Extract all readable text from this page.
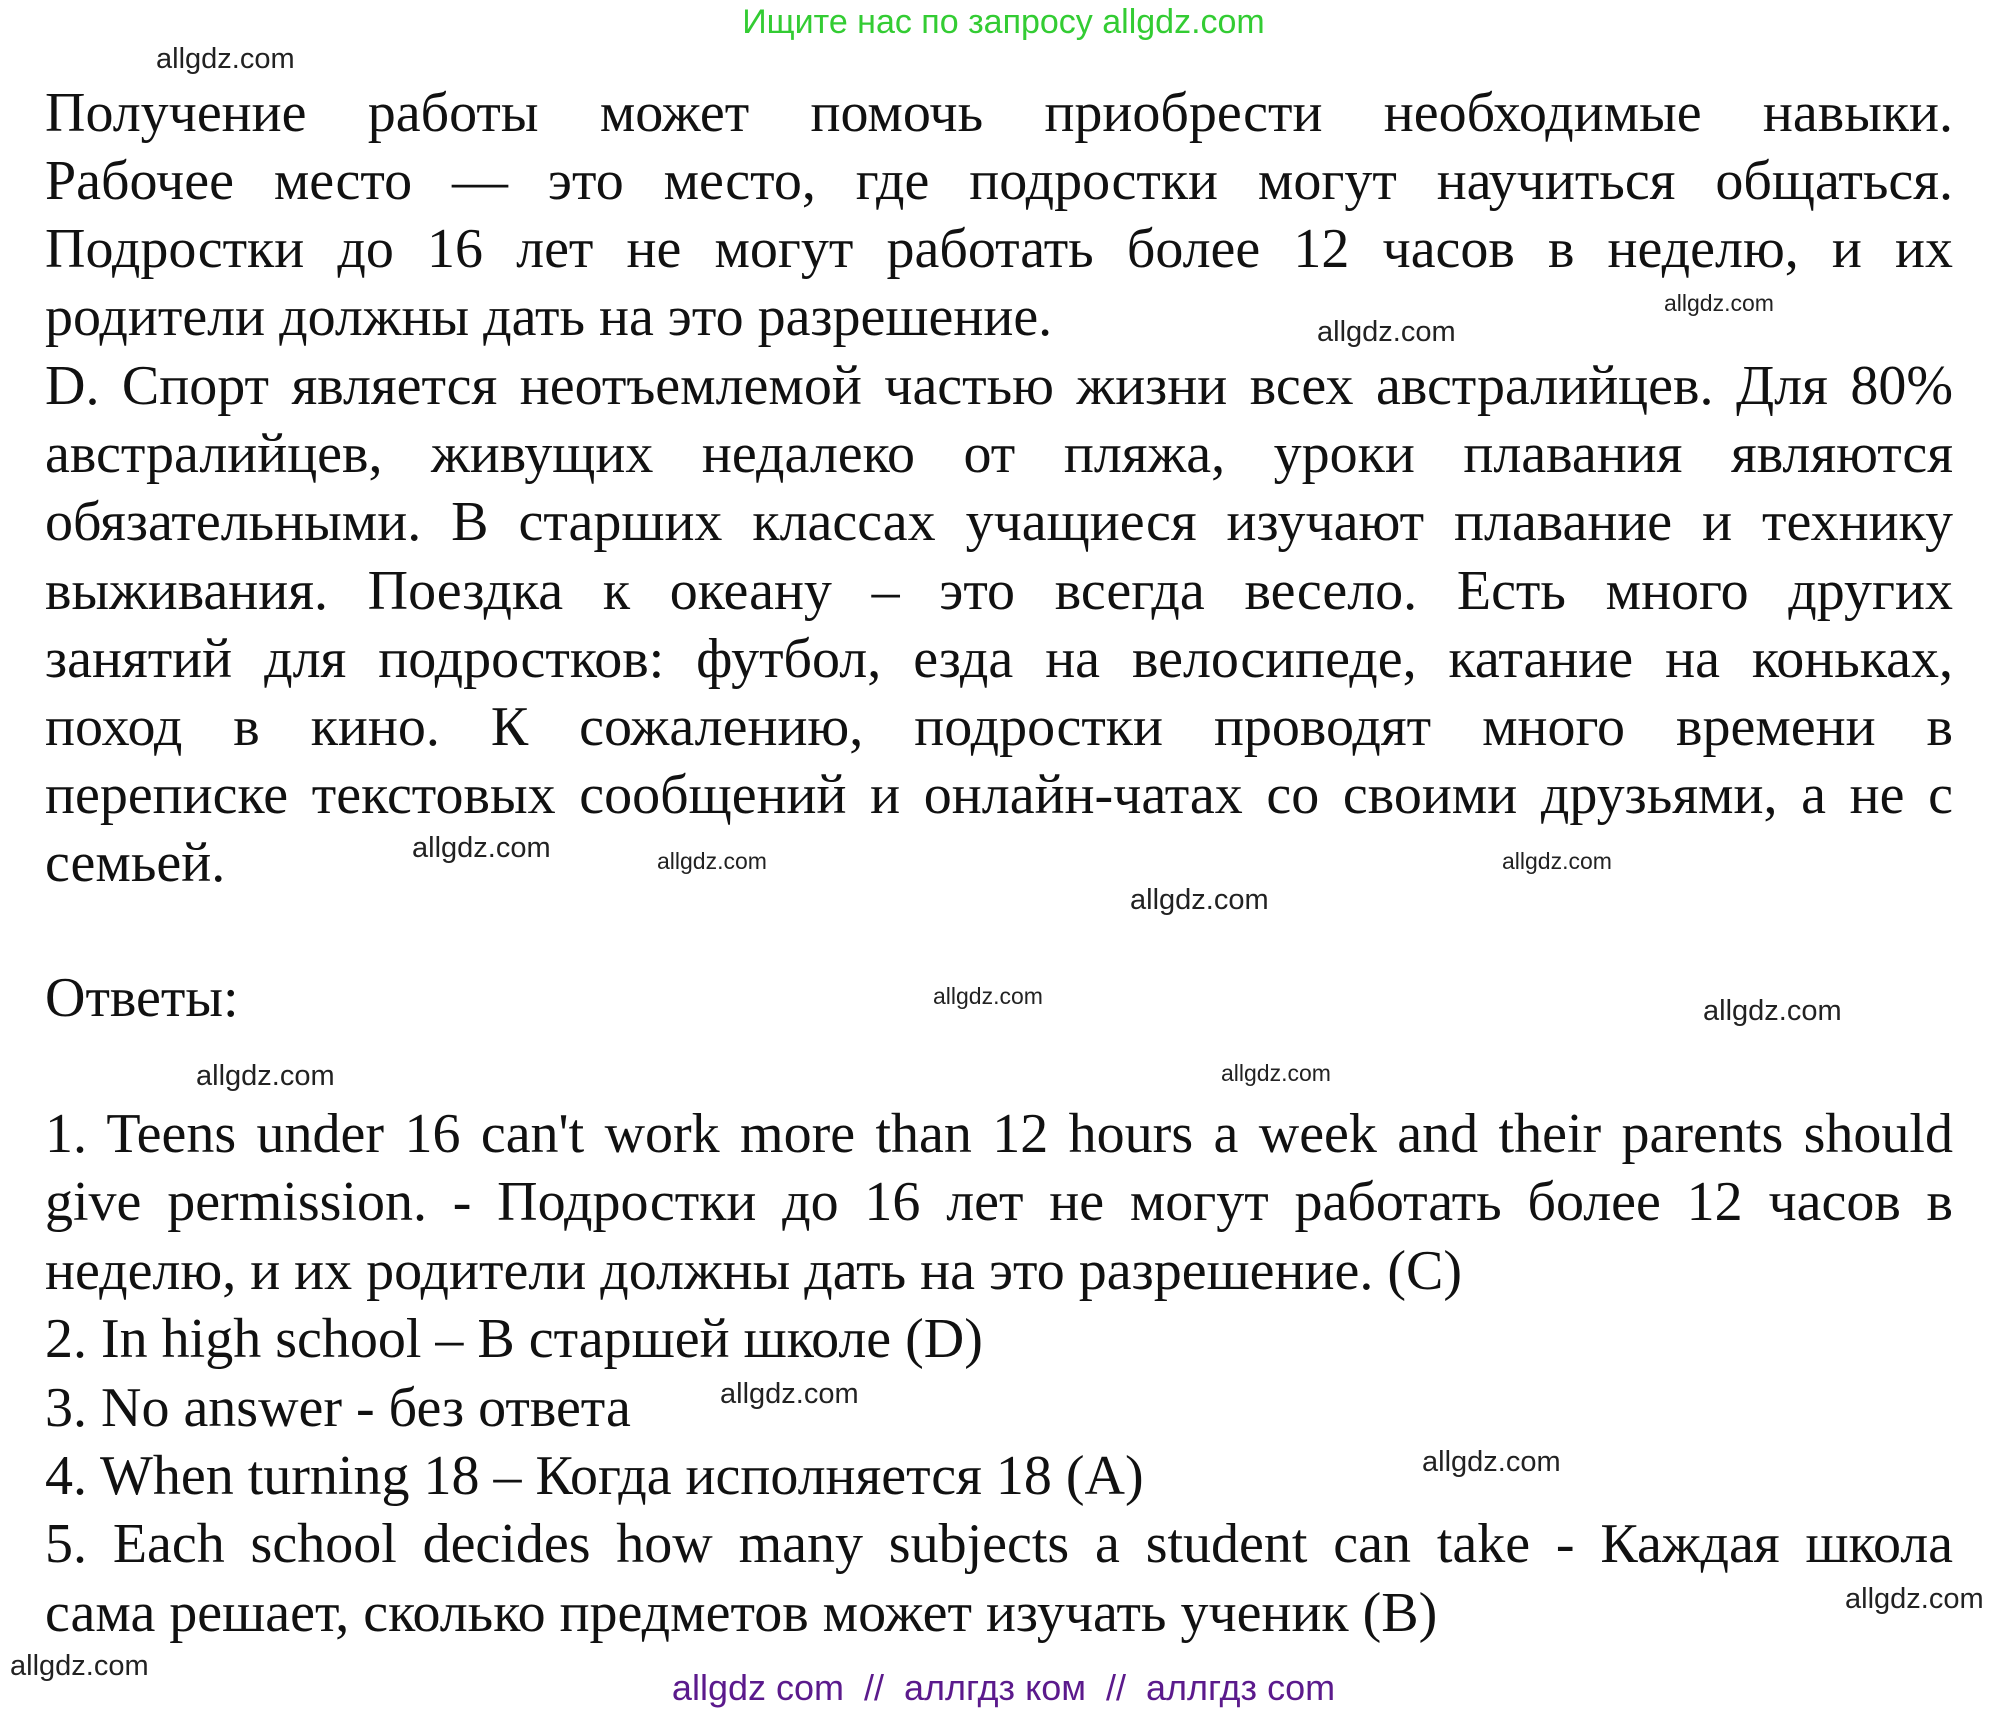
Ищите нас по запросу allgdz.com
Получение работы может помочь приобрести необходимые навыки.
Рабочее место — это место, где подростки могут научиться общаться.
Подростки до 16 лет не могут работать более 12 часов в неделю, и их
родители должны дать на это разрешение.
D. Спорт является неотъемлемой частью жизни всех австралийцев. Для 80%
австралийцев, живущих недалеко от пляжа, уроки плавания являются
обязательными. В старших классах учащиеся изучают плавание и технику
выживания. Поездка к океану – это всегда весело. Есть много других
занятий для подростков: футбол, езда на велосипеде, катание на коньках,
поход в кино. К сожалению, подростки проводят много времени в
переписке текстовых сообщений и онлайн-чатах со своими друзьями, а не с
семьей.
Ответы:
1. Teens under 16 can't work more than 12 hours a week and their parents should
give permission. - Подростки до 16 лет не могут работать более 12 часов в
неделю, и их родители должны дать на это разрешение. (C)
2. In high school – В старшей школе (D)
3. No answer - без ответа
4. When turning 18 – Когда исполняется 18 (A)
5. Each school decides how many subjects a student can take - Каждая школа
сама решает, сколько предметов может изучать ученик (B)
allgdz.com
allgdz.com
allgdz.com
allgdz.com
allgdz.com
allgdz.com
allgdz.com
allgdz.com
allgdz.com
allgdz.com
allgdz.com
allgdz.com
allgdz.com
allgdz.com
allgdz.com
allgdz com  //  аллгдз ком  //  аллгдз com
